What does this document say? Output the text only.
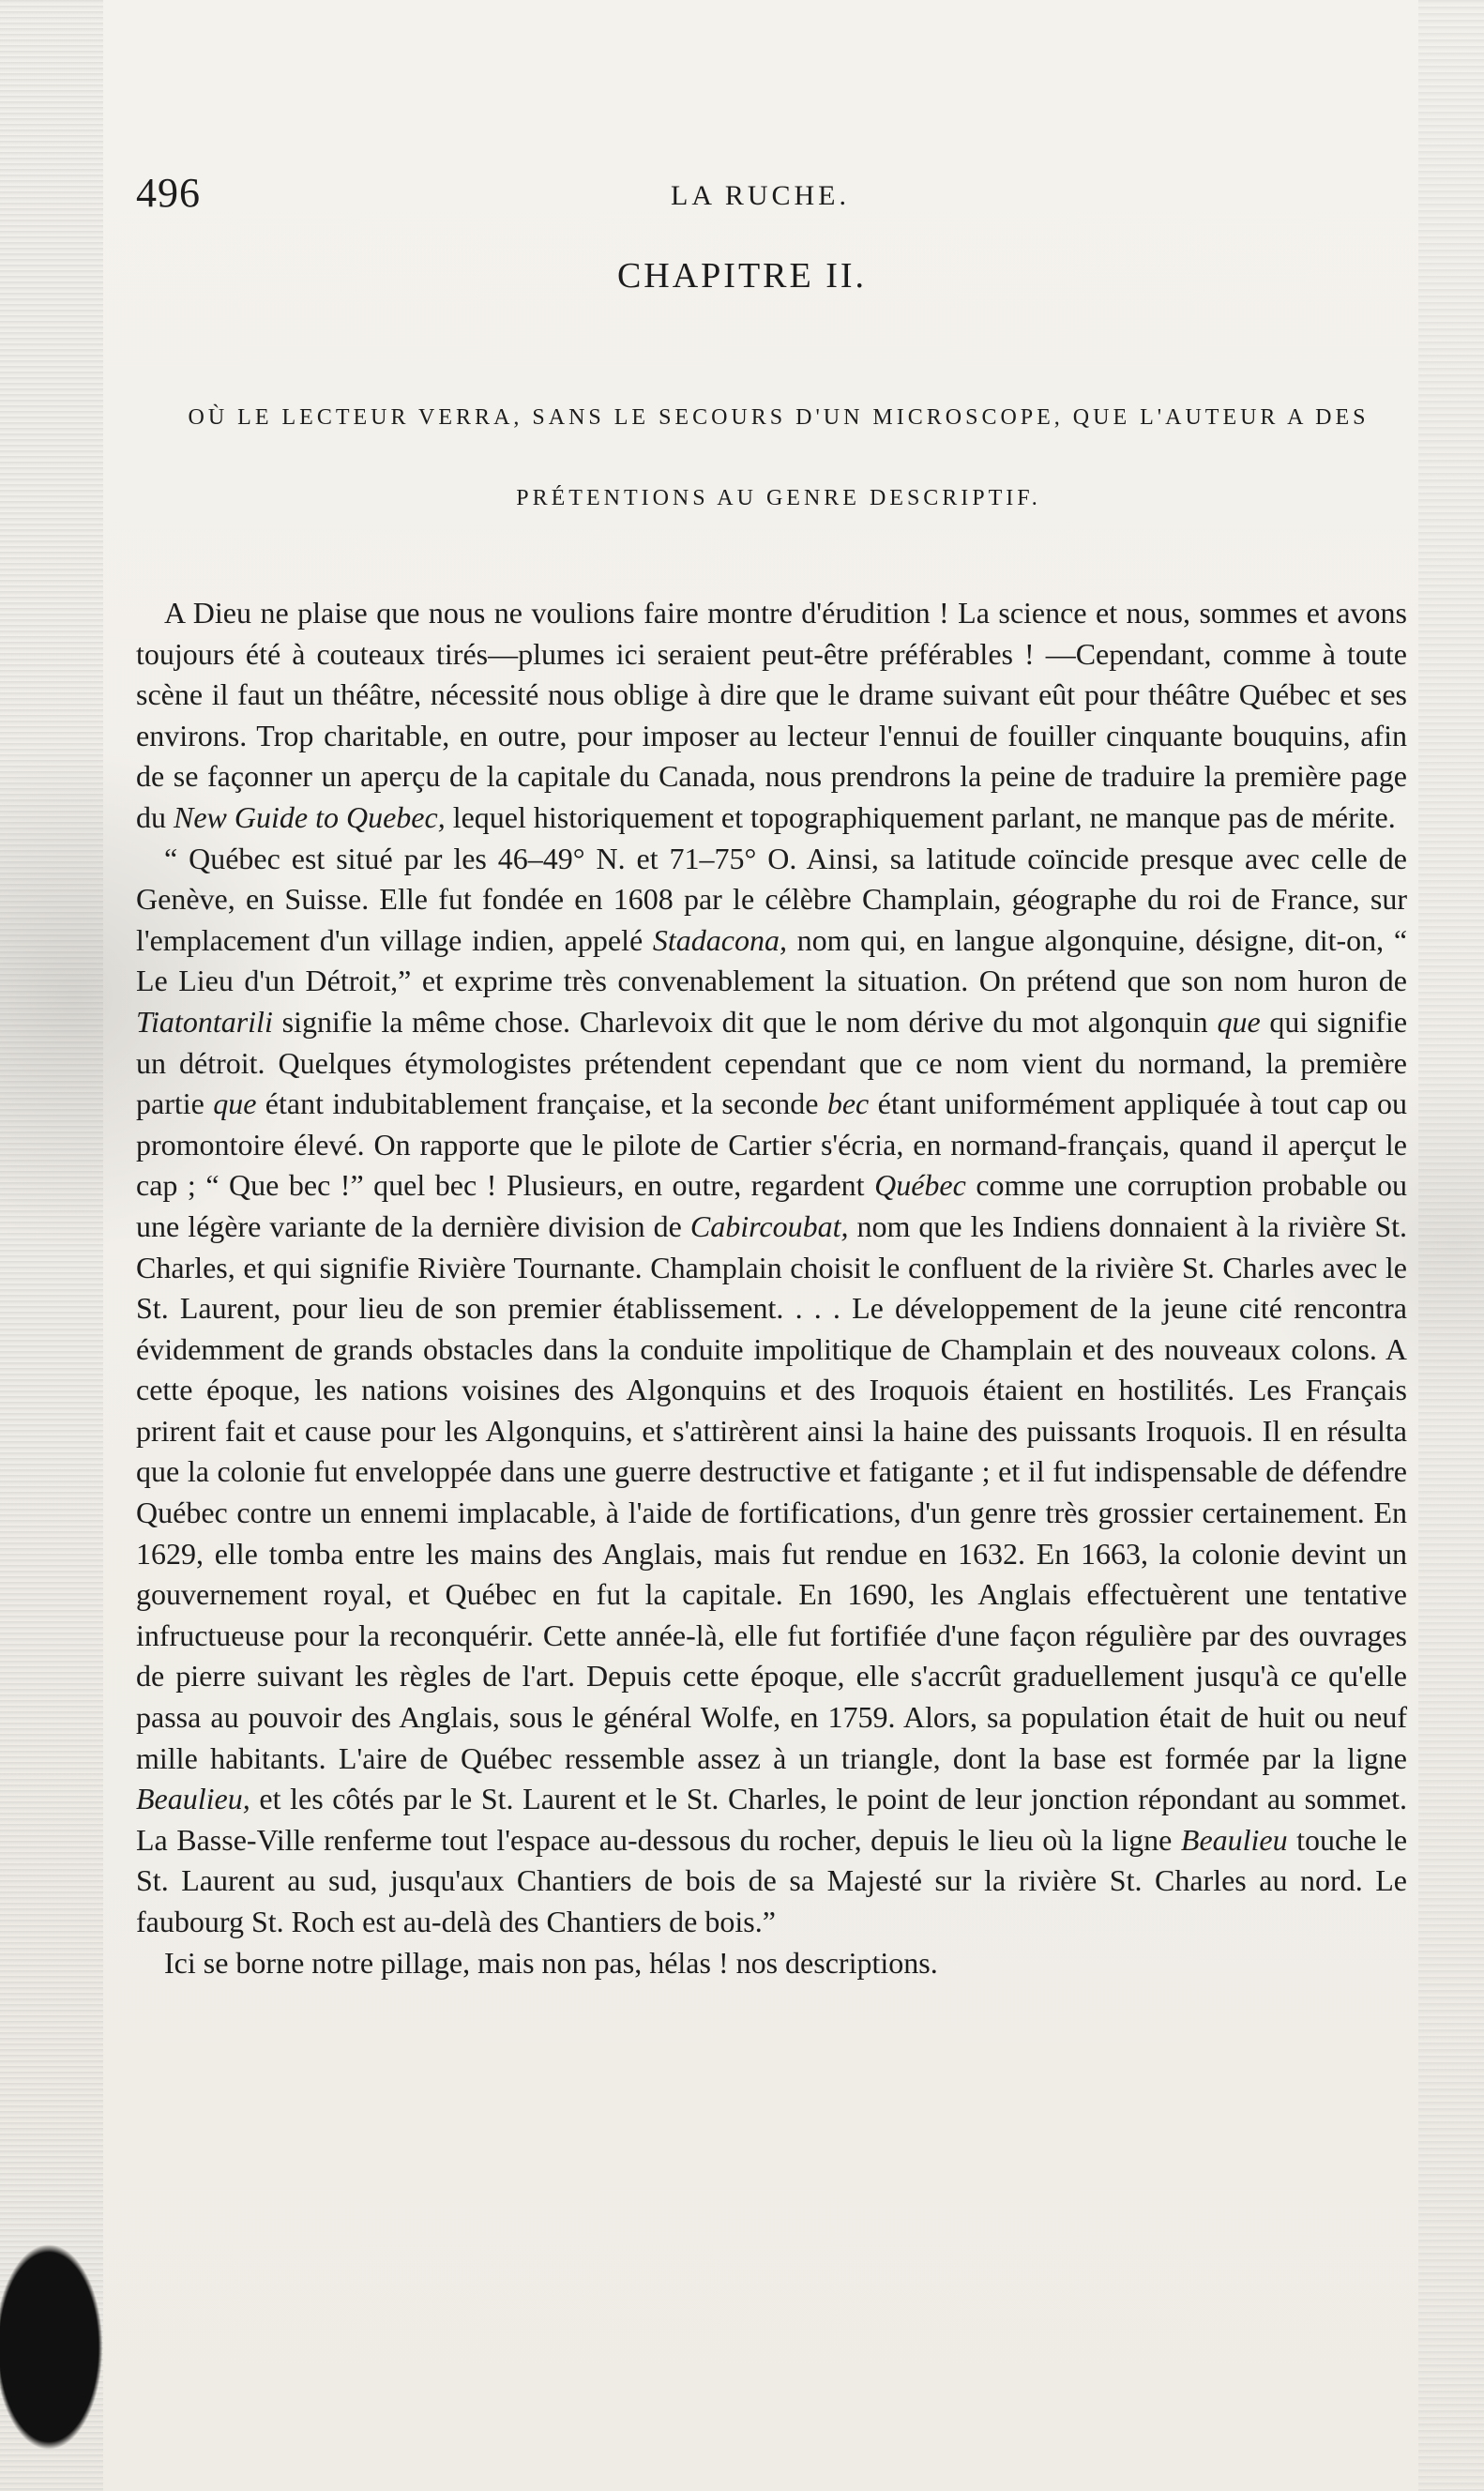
496	LA RUCHE.
CHAPITRE II.
OÙ LE LECTEUR VERRA, SANS LE SECOURS D'UN MICROSCOPE, QUE L'AUTEUR A DES PRÉTENTIONS AU GENRE DESCRIPTIF.

A Dieu ne plaise que nous ne voulions faire montre d'érudition ! La science et nous, sommes et avons toujours été à couteaux tirés—plumes ici seraient peut-être préférables ! —Cependant, comme à toute scène il faut un théâtre, nécessité nous oblige à dire que le drame suivant eût pour théâtre Québec et ses environs. Trop charitable, en outre, pour imposer au lecteur l'ennui de fouiller cinquante bouquins, afin de se façonner un aperçu de la capitale du Canada, nous prendrons la peine de traduire la première page du New Guide to Quebec, lequel historiquement et topographiquement parlant, ne manque pas de mérite.

“ Québec est situé par les 46–49° N. et 71–75° O. Ainsi, sa latitude coïncide presque avec celle de Genève, en Suisse. Elle fut fondée en 1608 par le célèbre Champlain, géographe du roi de France, sur l'emplacement d'un village indien, appelé Stadacona, nom qui, en langue algonquine, désigne, dit-on, “ Le Lieu d'un Détroit,” et exprime très convenablement la situation. On prétend que son nom huron de Tiatontarili signifie la même chose. Charlevoix dit que le nom dérive du mot algonquin que qui signifie un détroit. Quelques étymologistes prétendent cependant que ce nom vient du normand, la première partie que étant indubitablement française, et la seconde bec étant uniformément appliquée à tout cap ou promontoire élevé. On rapporte que le pilote de Cartier s'écria, en normand-français, quand il aperçut le cap ; “ Que bec !” quel bec ! Plusieurs, en outre, regardent Québec comme une corruption probable ou une légère variante de la dernière division de Cabircoubat, nom que les Indiens donnaient à la rivière St. Charles, et qui signifie Rivière Tournante. Champlain choisit le confluent de la rivière St. Charles avec le St. Laurent, pour lieu de son premier établissement. . . . Le développement de la jeune cité rencontra évidemment de grands obstacles dans la conduite impolitique de Champlain et des nouveaux colons. A cette époque, les nations voisines des Algonquins et des Iroquois étaient en hostilités. Les Français prirent fait et cause pour les Algonquins, et s'attirèrent ainsi la haine des puissants Iroquois. Il en résulta que la colonie fut enveloppée dans une guerre destructive et fatigante ; et il fut indispensable de défendre Québec contre un ennemi implacable, à l'aide de fortifications, d'un genre très grossier certainement. En 1629, elle tomba entre les mains des Anglais, mais fut rendue en 1632. En 1663, la colonie devint un gouvernement royal, et Québec en fut la capitale. En 1690, les Anglais effectuèrent une tentative infructueuse pour la reconquérir. Cette année-là, elle fut fortifiée d'une façon régulière par des ouvrages de pierre suivant les règles de l'art. Depuis cette époque, elle s'accrût graduellement jusqu'à ce qu'elle passa au pouvoir des Anglais, sous le général Wolfe, en 1759. Alors, sa population était de huit ou neuf mille habitants. L'aire de Québec ressemble assez à un triangle, dont la base est formée par la ligne Beaulieu, et les côtés par le St. Laurent et le St. Charles, le point de leur jonction répondant au sommet. La Basse-Ville renferme tout l'espace au-dessous du rocher, depuis le lieu où la ligne Beaulieu touche le St. Laurent au sud, jusqu'aux Chantiers de bois de sa Majesté sur la rivière St. Charles au nord. Le faubourg St. Roch est au-delà des Chantiers de bois.”

Ici se borne notre pillage, mais non pas, hélas ! nos descriptions.
